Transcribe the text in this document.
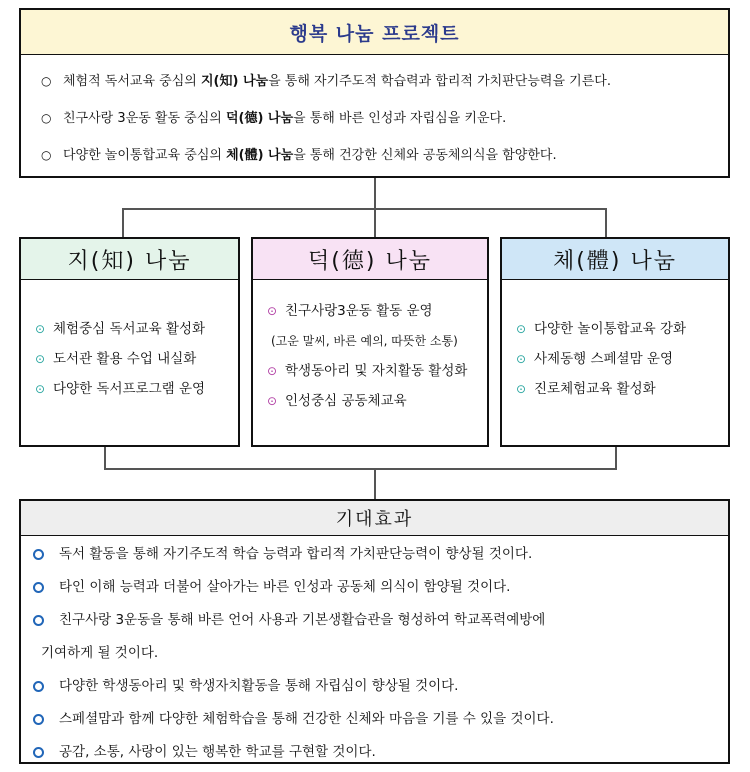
행복 나눔 프로젝트
○ 체험적 독서교육 중심의 지(知) 나눔을 통해 자기주도적 학습력과 합리적 가치판단능력을 기른다.
○ 친구사랑 3운동 활동 중심의 덕(德) 나눔을 통해 바른 인성과 자립심을 키운다.
○ 다양한 놀이통합교육 중심의 체(體) 나눔을 통해 건강한 신체와 공동체의식을 함양한다.
지(知) 나눔
⊙ 체험중심 독서교육 활성화
⊙ 도서관 활용 수업 내실화
⊙ 다양한 독서프로그램 운영
덕(德) 나눔
⊙ 친구사랑3운동 활동 운영
(고운 말씨, 바른 예의, 따뜻한 소통)
⊙ 학생동아리 및 자치활동 활성화
⊙ 인성중심 공동체교육
체(體) 나눔
⊙ 다양한 놀이통합교육 강화
⊙ 사제동행 스페셜맘 운영
⊙ 진로체험교육 활성화
기대효과
독서 활동을 통해 자기주도적 학습 능력과 합리적 가치판단능력이 향상될 것이다.
타인 이해 능력과 더불어 살아가는 바른 인성과 공동체 의식이 함양될 것이다.
친구사랑 3운동을 통해 바른 언어 사용과 기본생활습관을 형성하여 학교폭력예방에
기여하게 될 것이다.
다양한 학생동아리 및 학생자치활동을 통해 자립심이 향상될 것이다.
스페셜맘과 함께 다양한 체험학습을 통해 건강한 신체와 마음을 기를 수 있을 것이다.
공감, 소통, 사랑이 있는 행복한 학교를 구현할 것이다.
